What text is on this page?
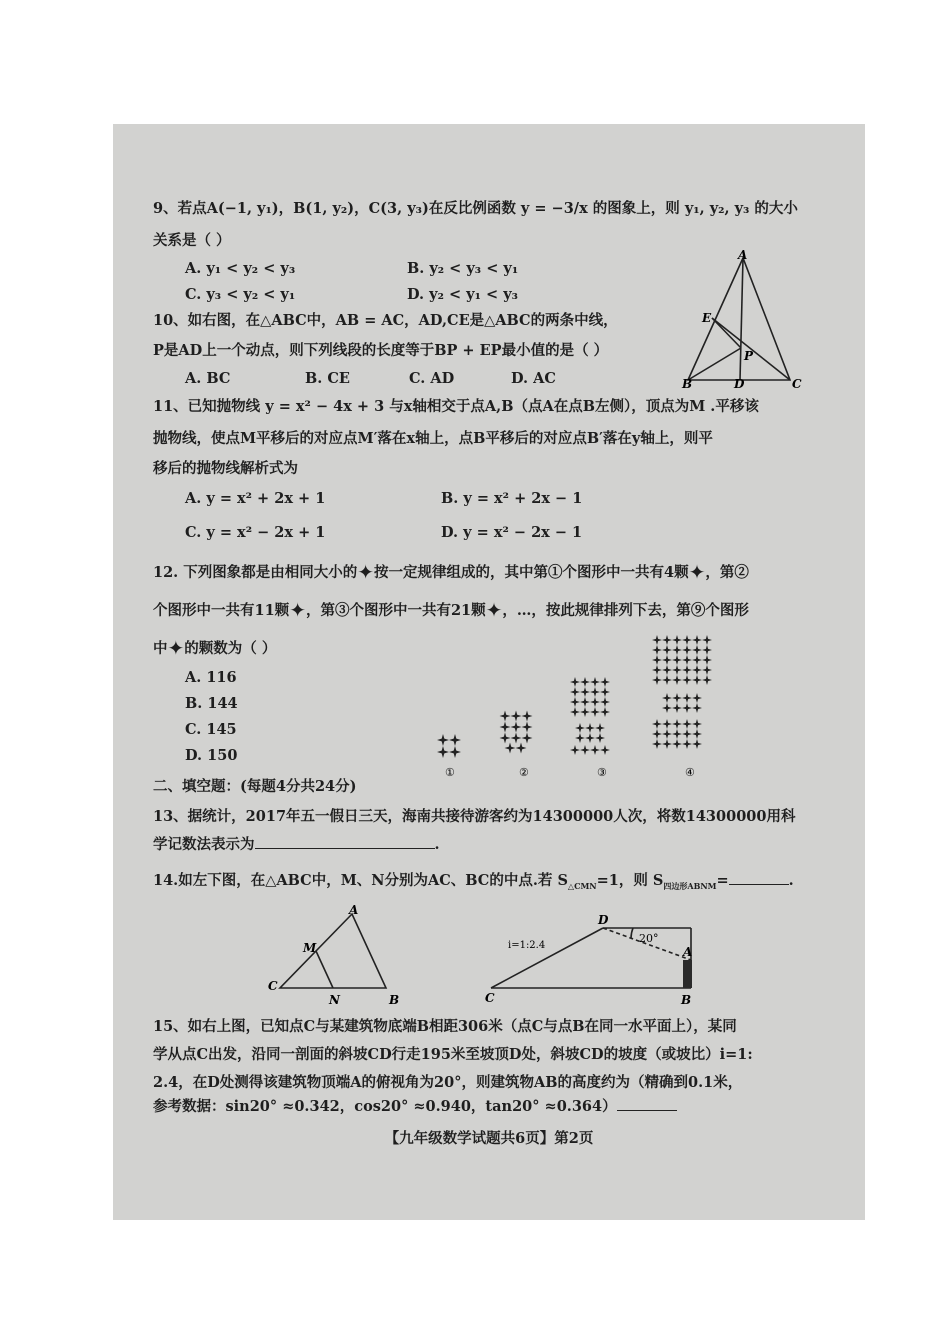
9、若点A(−1, y₁)，B(1, y₂)，C(3, y₃)在反比例函数 y = −3/x 的图象上，则 y₁, y₂, y₃ 的大小
关系是（ ）
A. y₁ < y₂ < y₃	B. y₂ < y₃ < y₁
C. y₃ < y₂ < y₁	D. y₂ < y₁ < y₃
10、如右图，在△ABC中，AB = AC，AD,CE是△ABC的两条中线，
P是AD上一个动点，则下列线段的长度等于BP + EP最小值的是（ ）
A. BC	B. CE	C. AD	D. AC
A
E
P
B	D	C
11、已知抛物线 y = x² − 4x + 3 与x轴相交于点A,B（点A在点B左侧），顶点为M .平移该
抛物线，使点M平移后的对应点M′落在x轴上，点B平移后的对应点B′落在y轴上，则平
移后的抛物线解析式为
A. y = x² + 2x + 1	B. y = x² + 2x − 1
C. y = x² − 2x + 1	D. y = x² − 2x − 1
12. 下列图象都是由相同大小的✦按一定规律组成的，其中第①个图形中一共有4颗✦，第②
个图形中一共有11颗✦，第③个图形中一共有21颗✦，…，按此规律排列下去，第⑨个图形
中✦的颗数为（ ）
A. 116
B. 144
C. 145
D. 150
①	②	③	④
二、填空题：(每题4分共24分)
13、据统计，2017年五一假日三天，海南共接待游客约为14300000人次，将数14300000用科
学记数法表示为	.
14.如左下图，在△ABC中，M、N分别为AC、BC的中点.若 $S_{\triangle CMN}=1$，则 $S_{四边形ABNM}=$	.
A
M
C
N	B
D
20°
i=1:2.4	A
C	B
15、如右上图，已知点C与某建筑物底端B相距306米（点C与点B在同一水平面上），某同
学从点C出发，沿同一剖面的斜坡CD行走195米至坡顶D处，斜坡CD的坡度（或坡比）i=1:
2.4，在D处测得该建筑物顶端A的俯视角为20°，则建筑物AB的高度约为（精确到0.1米，
参考数据：sin20° ≈0.342，cos20° ≈0.940，tan20° ≈0.364）
【九年级数学试题共6页】第2页
